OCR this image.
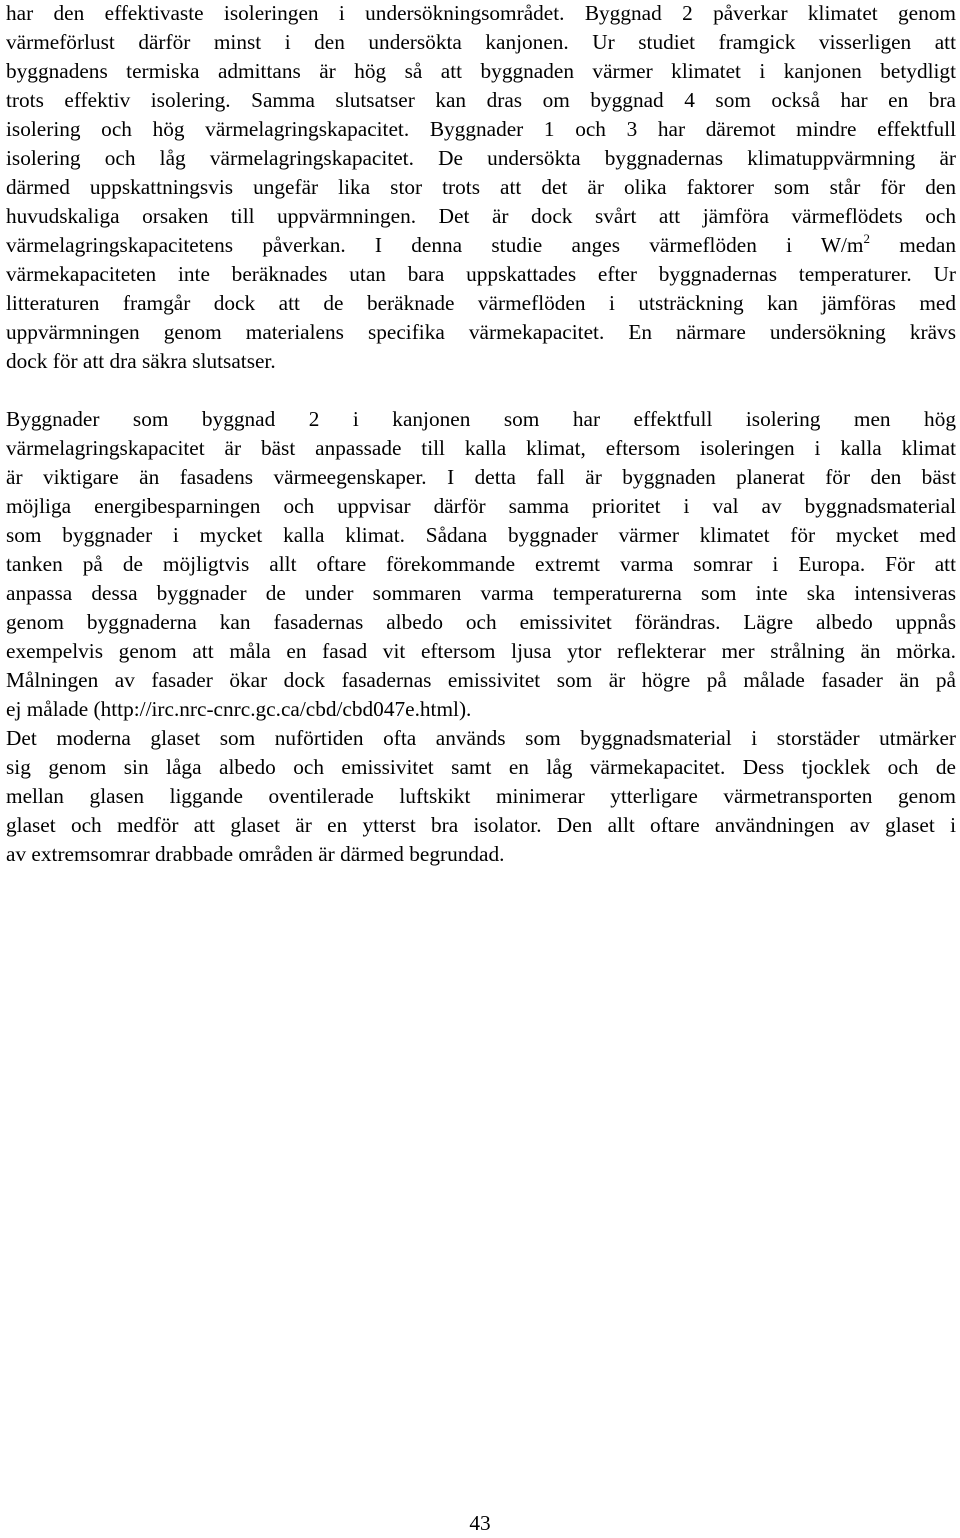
har den effektivaste isoleringen i undersökningsområdet. Byggnad 2 påverkar klimatet genom
värmeförlust därför minst i den undersökta kanjonen. Ur studiet framgick visserligen att
byggnadens termiska admittans är hög så att byggnaden värmer klimatet i kanjonen betydligt
trots effektiv isolering. Samma slutsatser kan dras om byggnad 4 som också har en bra
isolering och hög värmelagringskapacitet. Byggnader 1 och 3 har däremot mindre effektfull
isolering och låg värmelagringskapacitet. De undersökta byggnadernas klimatuppvärmning är
därmed uppskattningsvis ungefär lika stor trots att det är olika faktorer som står för den
huvudskaliga orsaken till uppvärmningen. Det är dock svårt att jämföra värmeflödets och
värmelagringskapacitetens påverkan. I denna studie anges värmeflöden i $W/m^2$ medan
värmekapaciteten inte beräknades utan bara uppskattades efter byggnadernas temperaturer. Ur
litteraturen framgår dock att de beräknade värmeflöden i utsträckning kan jämföras med
uppvärmningen genom materialens specifika värmekapacitet. En närmare undersökning krävs
dock för att dra säkra slutsatser.
Byggnader som byggnad 2 i kanjonen som har effektfull isolering men hög
värmelagringskapacitet är bäst anpassade till kalla klimat, eftersom isoleringen i kalla klimat
är viktigare än fasadens värmeegenskaper. I detta fall är byggnaden planerat för den bäst
möjliga energibesparningen och uppvisar därför samma prioritet i val av byggnadsmaterial
som byggnader i mycket kalla klimat. Sådana byggnader värmer klimatet för mycket med
tanken på de möjligtvis allt oftare förekommande extremt varma somrar i Europa. För att
anpassa dessa byggnader de under sommaren varma temperaturerna som inte ska intensiveras
genom byggnaderna kan fasadernas albedo och emissivitet förändras. Lägre albedo uppnås
exempelvis genom att måla en fasad vit eftersom ljusa ytor reflekterar mer strålning än mörka.
Målningen av fasader ökar dock fasadernas emissivitet som är högre på målade fasader än på
ej målade (http://irc.nrc-cnrc.gc.ca/cbd/cbd047e.html).
Det moderna glaset som nuförtiden ofta används som byggnadsmaterial i storstäder utmärker
sig genom sin låga albedo och emissivitet samt en låg värmekapacitet. Dess tjocklek och de
mellan glasen liggande oventilerade luftskikt minimerar ytterligare värmetransporten genom
glaset och medför att glaset är en ytterst bra isolator. Den allt oftare användningen av glaset i
av extremsomrar drabbade områden är därmed begrundad.
43
